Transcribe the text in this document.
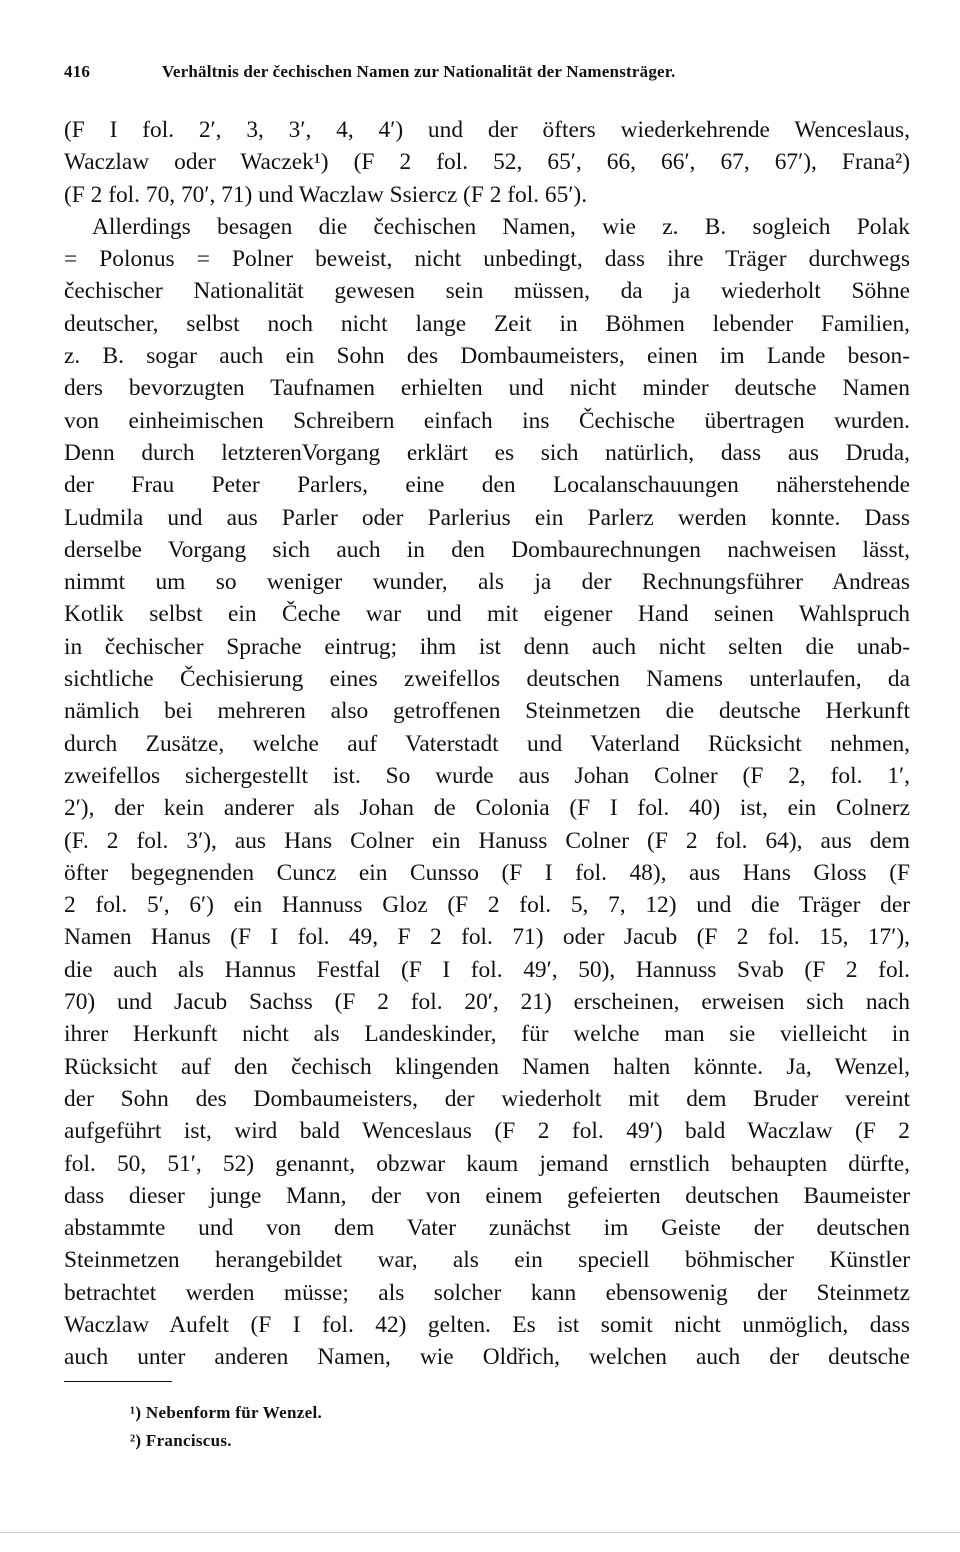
416	Verhältnis der čechischen Namen zur Nationalität der Namensträger.
(F I fol. 2′, 3, 3′, 4, 4′) und der öfters wiederkehrende Wenceslaus,
Waczlaw oder Waczek¹) (F 2 fol. 52, 65′, 66, 66′, 67, 67′), Frana²)
(F 2 fol. 70, 70′, 71) und Waczlaw Ssiercz (F 2 fol. 65′).
Allerdings besagen die čechischen Namen, wie z. B. sogleich Polak
= Polonus = Polner beweist, nicht unbedingt, dass ihre Träger durchwegs
čechischer Nationalität gewesen sein müssen, da ja wiederholt Söhne
deutscher, selbst noch nicht lange Zeit in Böhmen lebender Familien,
z. B. sogar auch ein Sohn des Dombaumeisters, einen im Lande beson-
ders bevorzugten Taufnamen erhielten und nicht minder deutsche Namen
von einheimischen Schreibern einfach ins Čechische übertragen wurden.
Denn durch letzterenVorgang erklärt es sich natürlich, dass aus Druda,
der Frau Peter Parlers, eine den Localanschauungen näherstehende
Ludmila und aus Parler oder Parlerius ein Parlerz werden konnte. Dass
derselbe Vorgang sich auch in den Dombaurechnungen nachweisen lässt,
nimmt um so weniger wunder, als ja der Rechnungsführer Andreas
Kotlik selbst ein Čeche war und mit eigener Hand seinen Wahlspruch
in čechischer Sprache eintrug; ihm ist denn auch nicht selten die unab-
sichtliche Čechisierung eines zweifellos deutschen Namens unterlaufen, da
nämlich bei mehreren also getroffenen Steinmetzen die deutsche Herkunft
durch Zusätze, welche auf Vaterstadt und Vaterland Rücksicht nehmen,
zweifellos sichergestellt ist. So wurde aus Johan Colner (F 2, fol. 1′,
2′), der kein anderer als Johan de Colonia (F I fol. 40) ist, ein Colnerz
(F. 2 fol. 3′), aus Hans Colner ein Hanuss Colner (F 2 fol. 64), aus dem
öfter begegnenden Cuncz ein Cunsso (F I fol. 48), aus Hans Gloss (F
2 fol. 5′, 6′) ein Hannuss Gloz (F 2 fol. 5, 7, 12) und die Träger der
Namen Hanus (F I fol. 49, F 2 fol. 71) oder Jacub (F 2 fol. 15, 17′),
die auch als Hannus Festfal (F I fol. 49′, 50), Hannuss Svab (F 2 fol.
70) und Jacub Sachss (F 2 fol. 20′, 21) erscheinen, erweisen sich nach
ihrer Herkunft nicht als Landeskinder, für welche man sie vielleicht in
Rücksicht auf den čechisch klingenden Namen halten könnte. Ja, Wenzel,
der Sohn des Dombaumeisters, der wiederholt mit dem Bruder vereint
aufgeführt ist, wird bald Wenceslaus (F 2 fol. 49′) bald Waczlaw (F 2
fol. 50, 51′, 52) genannt, obzwar kaum jemand ernstlich behaupten dürfte,
dass dieser junge Mann, der von einem gefeierten deutschen Baumeister
abstammte und von dem Vater zunächst im Geiste der deutschen
Steinmetzen herangebildet war, als ein speciell böhmischer Künstler
betrachtet werden müsse; als solcher kann ebensowenig der Steinmetz
Waczlaw Aufelt (F I fol. 42) gelten. Es ist somit nicht unmöglich, dass
auch unter anderen Namen, wie Oldřich, welchen auch der deutsche
¹) Nebenform für Wenzel.
²) Franciscus.
